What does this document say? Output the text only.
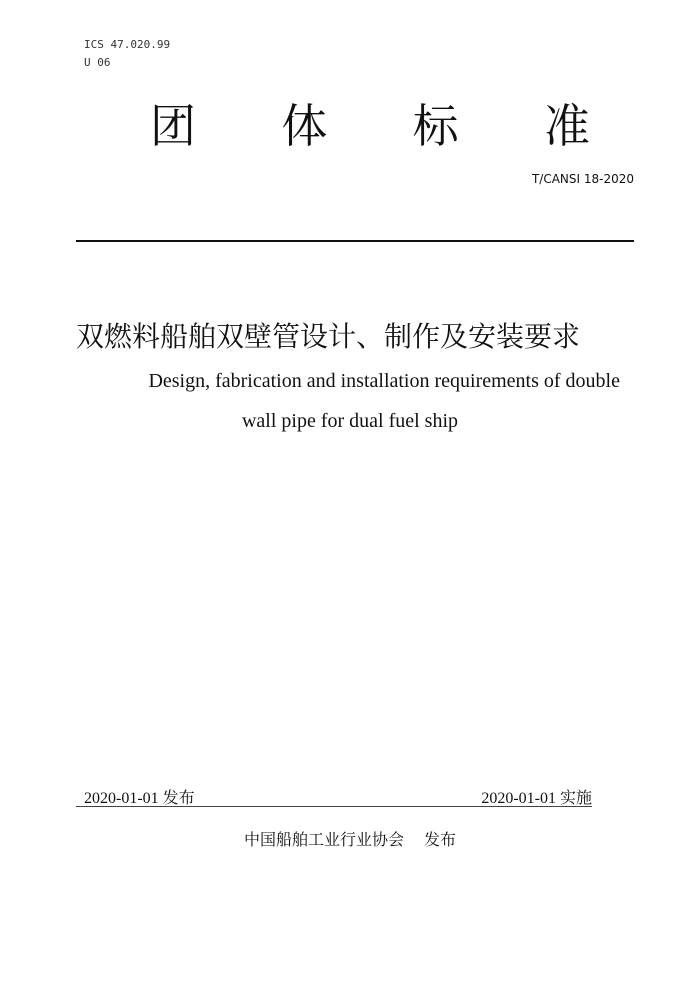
ICS 47.020.99
U 06
团 体 标 准
T/CANSI 18-2020
双燃料船舶双壁管设计、制作及安装要求
Design, fabrication and installation requirements of double
wall pipe for dual fuel ship
2020-01-01 发布	2020-01-01 实施
中国船舶工业行业协会 发布
